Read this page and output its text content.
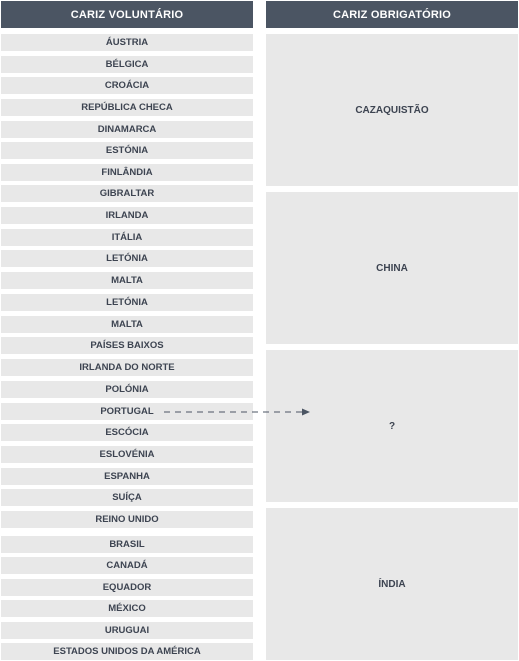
CARIZ VOLUNTÁRIO	CARIZ OBRIGATÓRIO
ÁUSTRIA
BÉLGICA
CROÁCIA
REPÚBLICA CHECA
DINAMARCA
ESTÓNIA
FINLÂNDIA
GIBRALTAR
IRLANDA
ITÁLIA
LETÓNIA
MALTA
LETÓNIA
MALTA
PAÍSES BAIXOS
IRLANDA DO NORTE
POLÓNIA
PORTUGAL
ESCÓCIA
ESLOVÉNIA
ESPANHA
SUÍÇA
REINO UNIDO
BRASIL
CANADÁ
EQUADOR
MÉXICO
URUGUAI
ESTADOS UNIDOS DA AMÉRICA
CAZAQUISTÃO
CHINA
?
ÍNDIA
